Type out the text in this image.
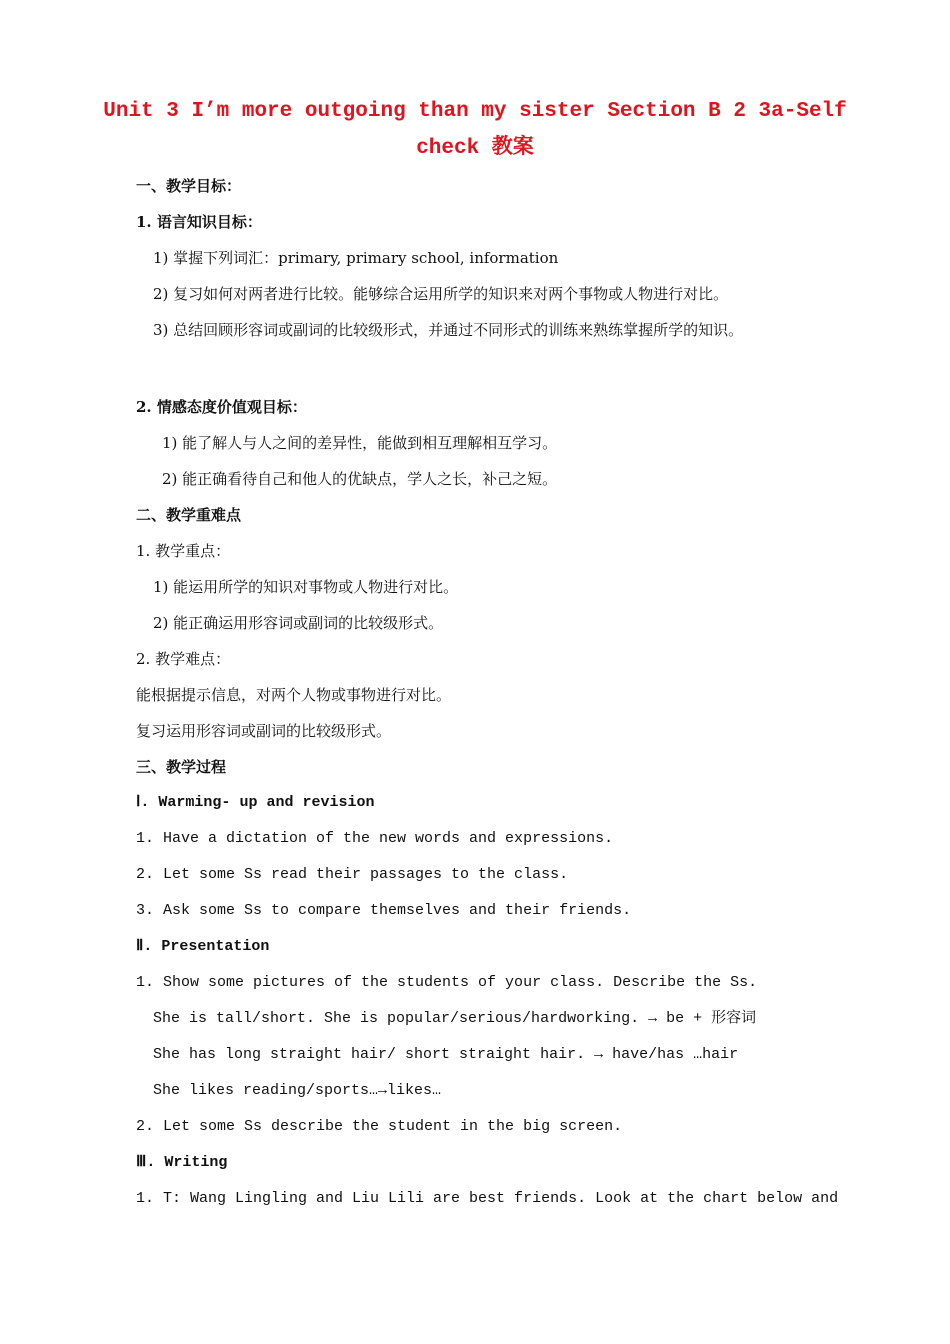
Unit 3 I’m more outgoing than my sister Section B 2 3a-Self
check 教案
一、教学目标：
1. 语言知识目标：
1) 掌握下列词汇：primary, primary school, information
2) 复习如何对两者进行比较。能够综合运用所学的知识来对两个事物或人物进行对比。
3) 总结回顾形容词或副词的比较级形式，并通过不同形式的训练来熟练掌握所学的知识。
2. 情感态度价值观目标：
1) 能了解人与人之间的差异性，能做到相互理解相互学习。
2) 能正确看待自己和他人的优缺点，学人之长，补己之短。
二、教学重难点
1. 教学重点：
1) 能运用所学的知识对事物或人物进行对比。
2) 能正确运用形容词或副词的比较级形式。
2. 教学难点：
能根据提示信息，对两个人物或事物进行对比。
复习运用形容词或副词的比较级形式。
三、教学过程
Ⅰ. Warming- up and revision
1. Have a dictation of the new words and expressions.
2. Let some Ss read their passages to the class.
3. Ask some Ss to compare themselves and their friends.
Ⅱ. Presentation
1. Show some pictures of the students of your class. Describe the Ss.
She is tall/short. She is popular/serious/hardworking. → be + 形容词
She has long straight hair/ short straight hair. → have/has …hair
She likes reading/sports…→likes…
2. Let some Ss describe the student in the big screen.
Ⅲ. Writing
1. T: Wang Lingling and Liu Lili are best friends. Look at the chart below and
